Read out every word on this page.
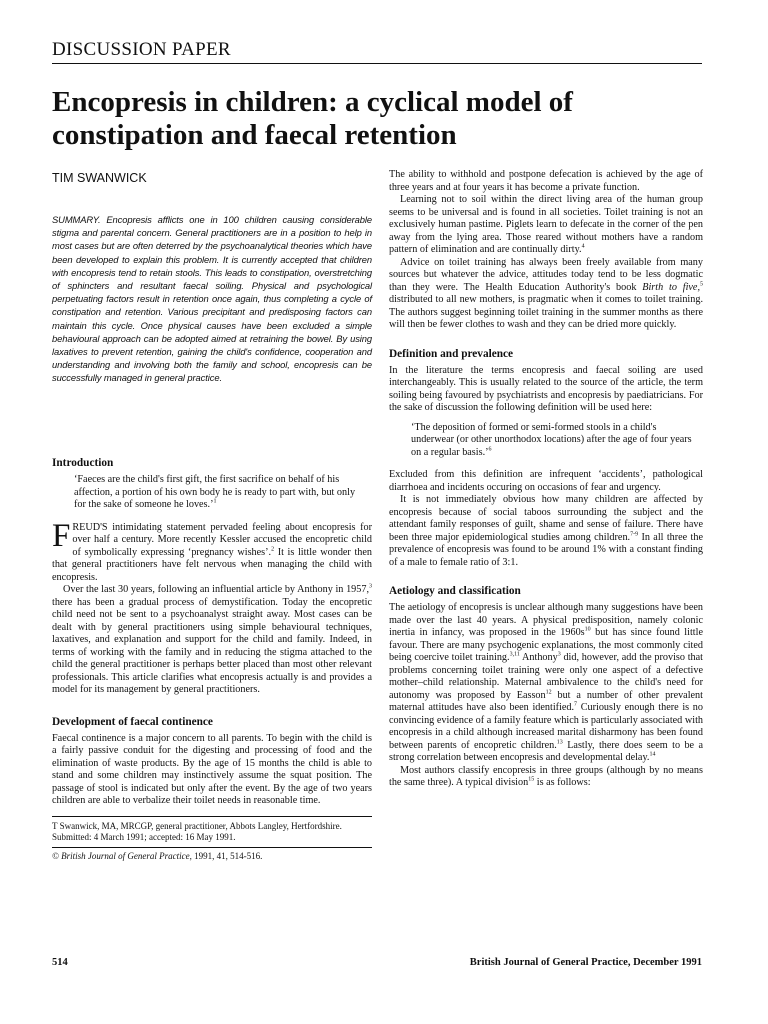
DISCUSSION PAPER
Encopresis in children: a cyclical model of constipation and faecal retention
TIM SWANWICK

SUMMARY. Encopresis afflicts one in 100 children causing considerable stigma and parental concern. General practitioners are in a position to help in most cases but are often deterred by the psychoanalytical theories which have been developed to explain this problem. It is currently accepted that children with encopresis tend to retain stools. This leads to constipation, overstretching of sphincters and resultant faecal soiling. Physical and psychological perpetuating factors result in retention once again, thus completing a cycle of constipation and retention. Various precipitant and predisposing factors can maintain this cycle. Once physical causes have been excluded a simple behavioural approach can be adopted aimed at retraining the bowel. By using laxatives to prevent retention, gaining the child's confidence, cooperation and understanding and involving both the family and school, encopresis can be successfully managed in general practice.

Introduction

‘Faeces are the child's first gift, the first sacrifice on behalf of his affection, a portion of his own body he is ready to part with, but only for the sake of someone he loves.’$^1$

FREUD'S intimidating statement pervaded feeling about encopresis for over half a century. More recently Kessler accused the encopretic child of symbolically expressing ‘pregnancy wishes’.$^2$ It is little wonder then that general practitioners have felt nervous when managing the child with encopresis.

Over the last 30 years, following an influential article by Anthony in 1957,$^3$ there has been a gradual process of demystification. Today the encopretic child need not be sent to a psychoanalyst straight away. Most cases can be dealt with by general practitioners using simple behavioural techniques, laxatives, and explanation and support for the child and family. Indeed, in terms of working with the family and in reducing the stigma attached to the child the general practitioner is perhaps better placed than most other relevant professionals. This article clarifies what encopresis actually is and provides a model for its management by general practitioners.

Development of faecal continence

Faecal continence is a major concern to all parents. To begin with the child is a fairly passive conduit for the digesting and processing of food and the elimination of waste products. By the age of 15 months the child is able to stand and some children may instinctively assume the squat position. The passage of stool is indicated but only after the event. By the age of two years children are able to verbalize their toilet needs in reasonable time.

T Swanwick, MA, MRCGP, general practitioner, Abbots Langley, Hertfordshire.

Submitted: 4 March 1991; accepted: 16 May 1991.

© British Journal of General Practice, 1991, 41, 514-516.

The ability to withhold and postpone defecation is achieved by the age of three years and at four years it has become a private function.

Learning not to soil within the direct living area of the human group seems to be universal and is found in all societies. Toilet training is not an exclusively human pastime. Piglets learn to defecate in the corner of the pen away from the lying area. Those reared without mothers have a random pattern of elimination and are continually dirty.$^4$

Advice on toilet training has always been freely available from many sources but whatever the advice, attitudes today tend to be less dogmatic than they were. The Health Education Authority's book Birth to five,$^5$ distributed to all new mothers, is pragmatic when it comes to toilet training. The authors suggest beginning toilet training in the summer months as there will then be fewer clothes to wash and they can be dried more quickly.

Definition and prevalence

In the literature the terms encopresis and faecal soiling are used interchangeably. This is usually related to the source of the article, the term soiling being favoured by psychiatrists and encopresis by paediatricians. For the sake of discussion the following definition will be used here:

‘The deposition of formed or semi-formed stools in a child's underwear (or other unorthodox locations) after the age of four years on a regular basis.’$^6$

Excluded from this definition are infrequent ‘accidents’, pathological diarrhoea and incidents occuring on occasions of fear and urgency.

It is not immediately obvious how many children are affected by encopresis because of social taboos surrounding the subject and the attendant family responses of guilt, shame and sense of failure. There have been three major epidemiological studies among children.$^{7-9}$ In all three the prevalence of encopresis was found to be around 1% with a constant finding of a male to female ratio of 3:1.

Aetiology and classification

The aetiology of encopresis is unclear although many suggestions have been made over the last 40 years. A physical predisposition, namely colonic inertia in infancy, was proposed in the $1960s^{10}$ but has since found little favour. There are many psychogenic explanations, the most commonly cited being coercive toilet training.$^{3,11}$ Anthony$^3$ did, however, add the proviso that problems concerning toilet training were only one aspect of a defective mother–child relationship. Maternal ambivalence to the child's need for autonomy was proposed by Easson$^{12}$ but a number of other prevalent maternal attitudes have also been identified.$^7$ Curiously enough there is no convincing evidence of a family feature which is particularly associated with encopresis in a child although increased marital disharmony has been found between parents of encopretic children.$^{13}$ Lastly, there does seem to be a strong correlation between encopresis and developmental delay.$^{14}$

Most authors classify encopresis in three groups (although by no means the same three). A typical division$^{15}$ is as follows:

514	British Journal of General Practice, December 1991
